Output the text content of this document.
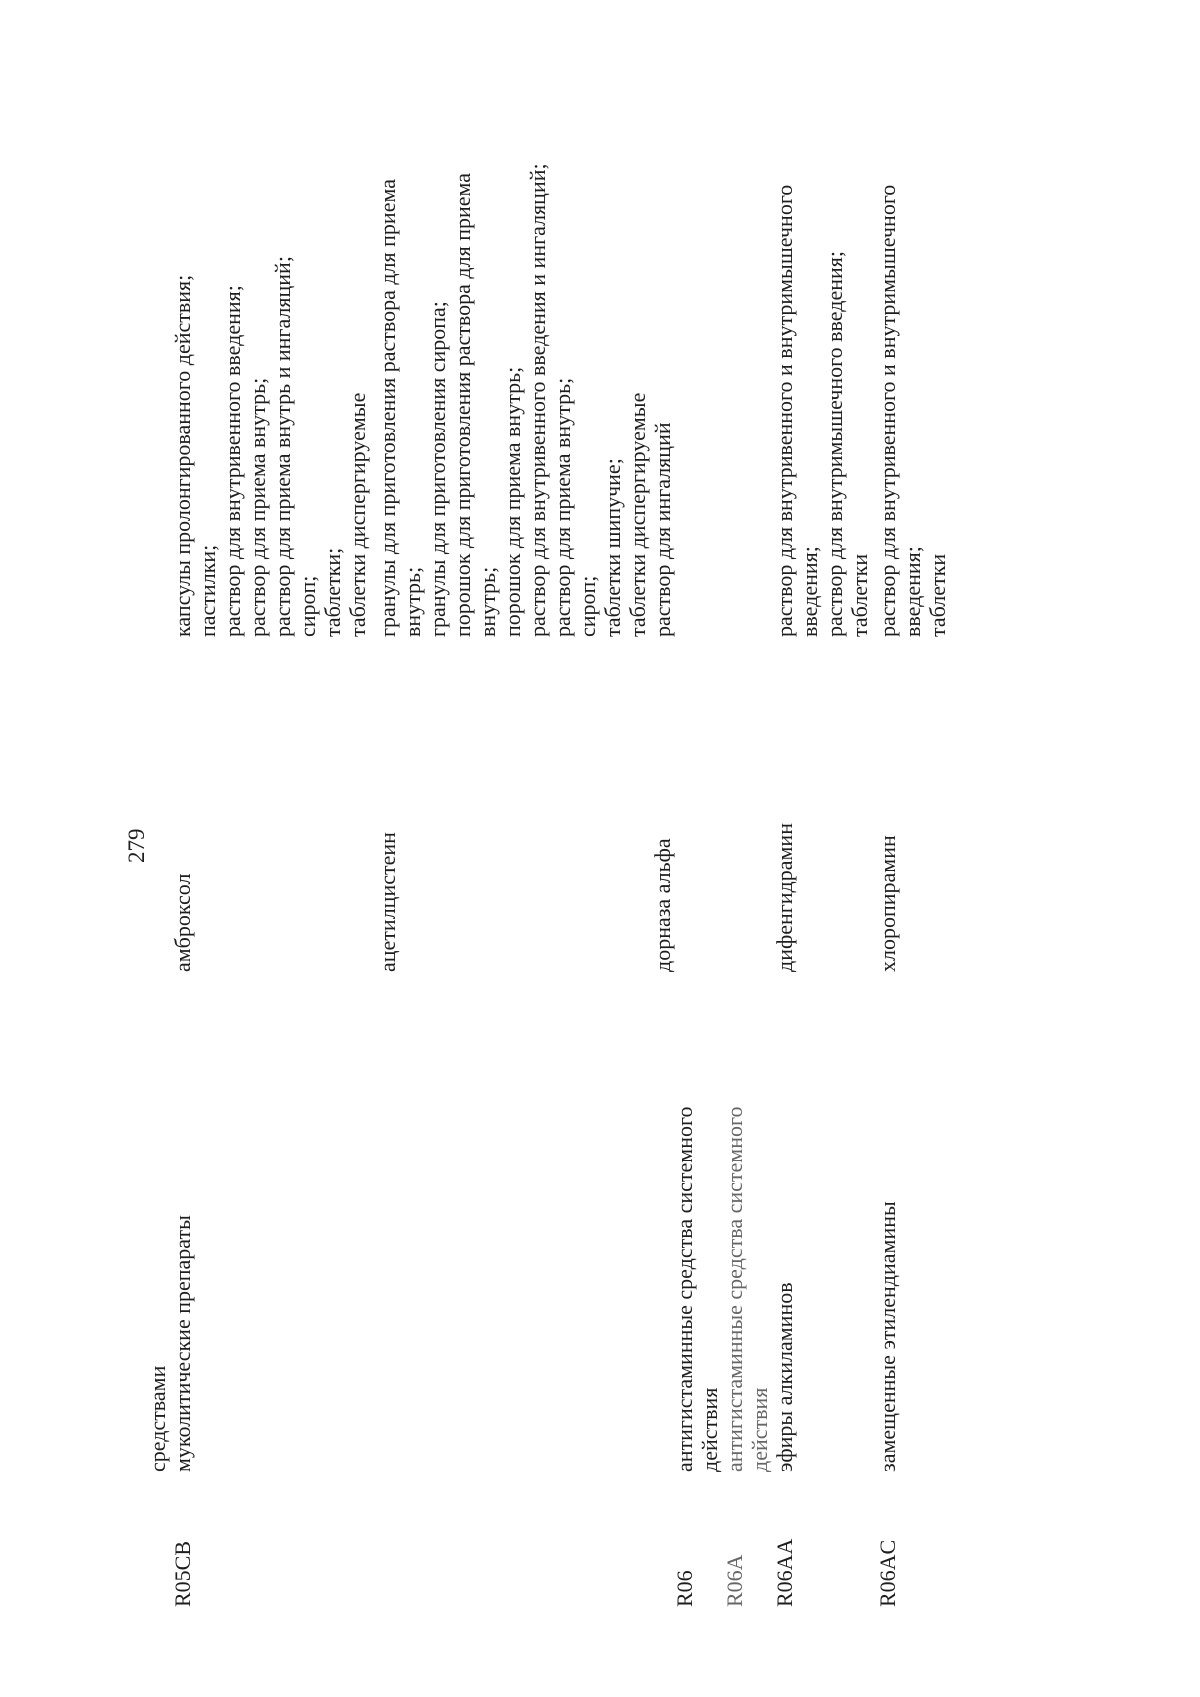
279
средствами
R05CB
муколитические препараты
амброксол
капсулы пролонгированного действия; пастилки; раствор для внутривенного введения; раствор для приема внутрь; раствор для приема внутрь и ингаляций; сироп; таблетки; таблетки диспергируемые
ацетилцистеин
гранулы для приготовления раствора для приема внутрь; гранулы для приготовления сиропа; порошок для приготовления раствора для приема внутрь; порошок для приема внутрь; раствор для внутривенного введения и ингаляций; раствор для приема внутрь; сироп; таблетки шипучие; таблетки диспергируемые
дорназа альфа
раствор для ингаляций
R06
антигистаминные средства системного действия
R06A
антигистаминные средства системного действия
R06AA
эфиры алкиламинов
дифенгидрамин
раствор для внутривенного и внутримышечного введения; раствор для внутримышечного введения; таблетки
R06AC
замещенные этилендиамины
хлоропирамин
раствор для внутривенного и внутримышечного введения; таблетки
